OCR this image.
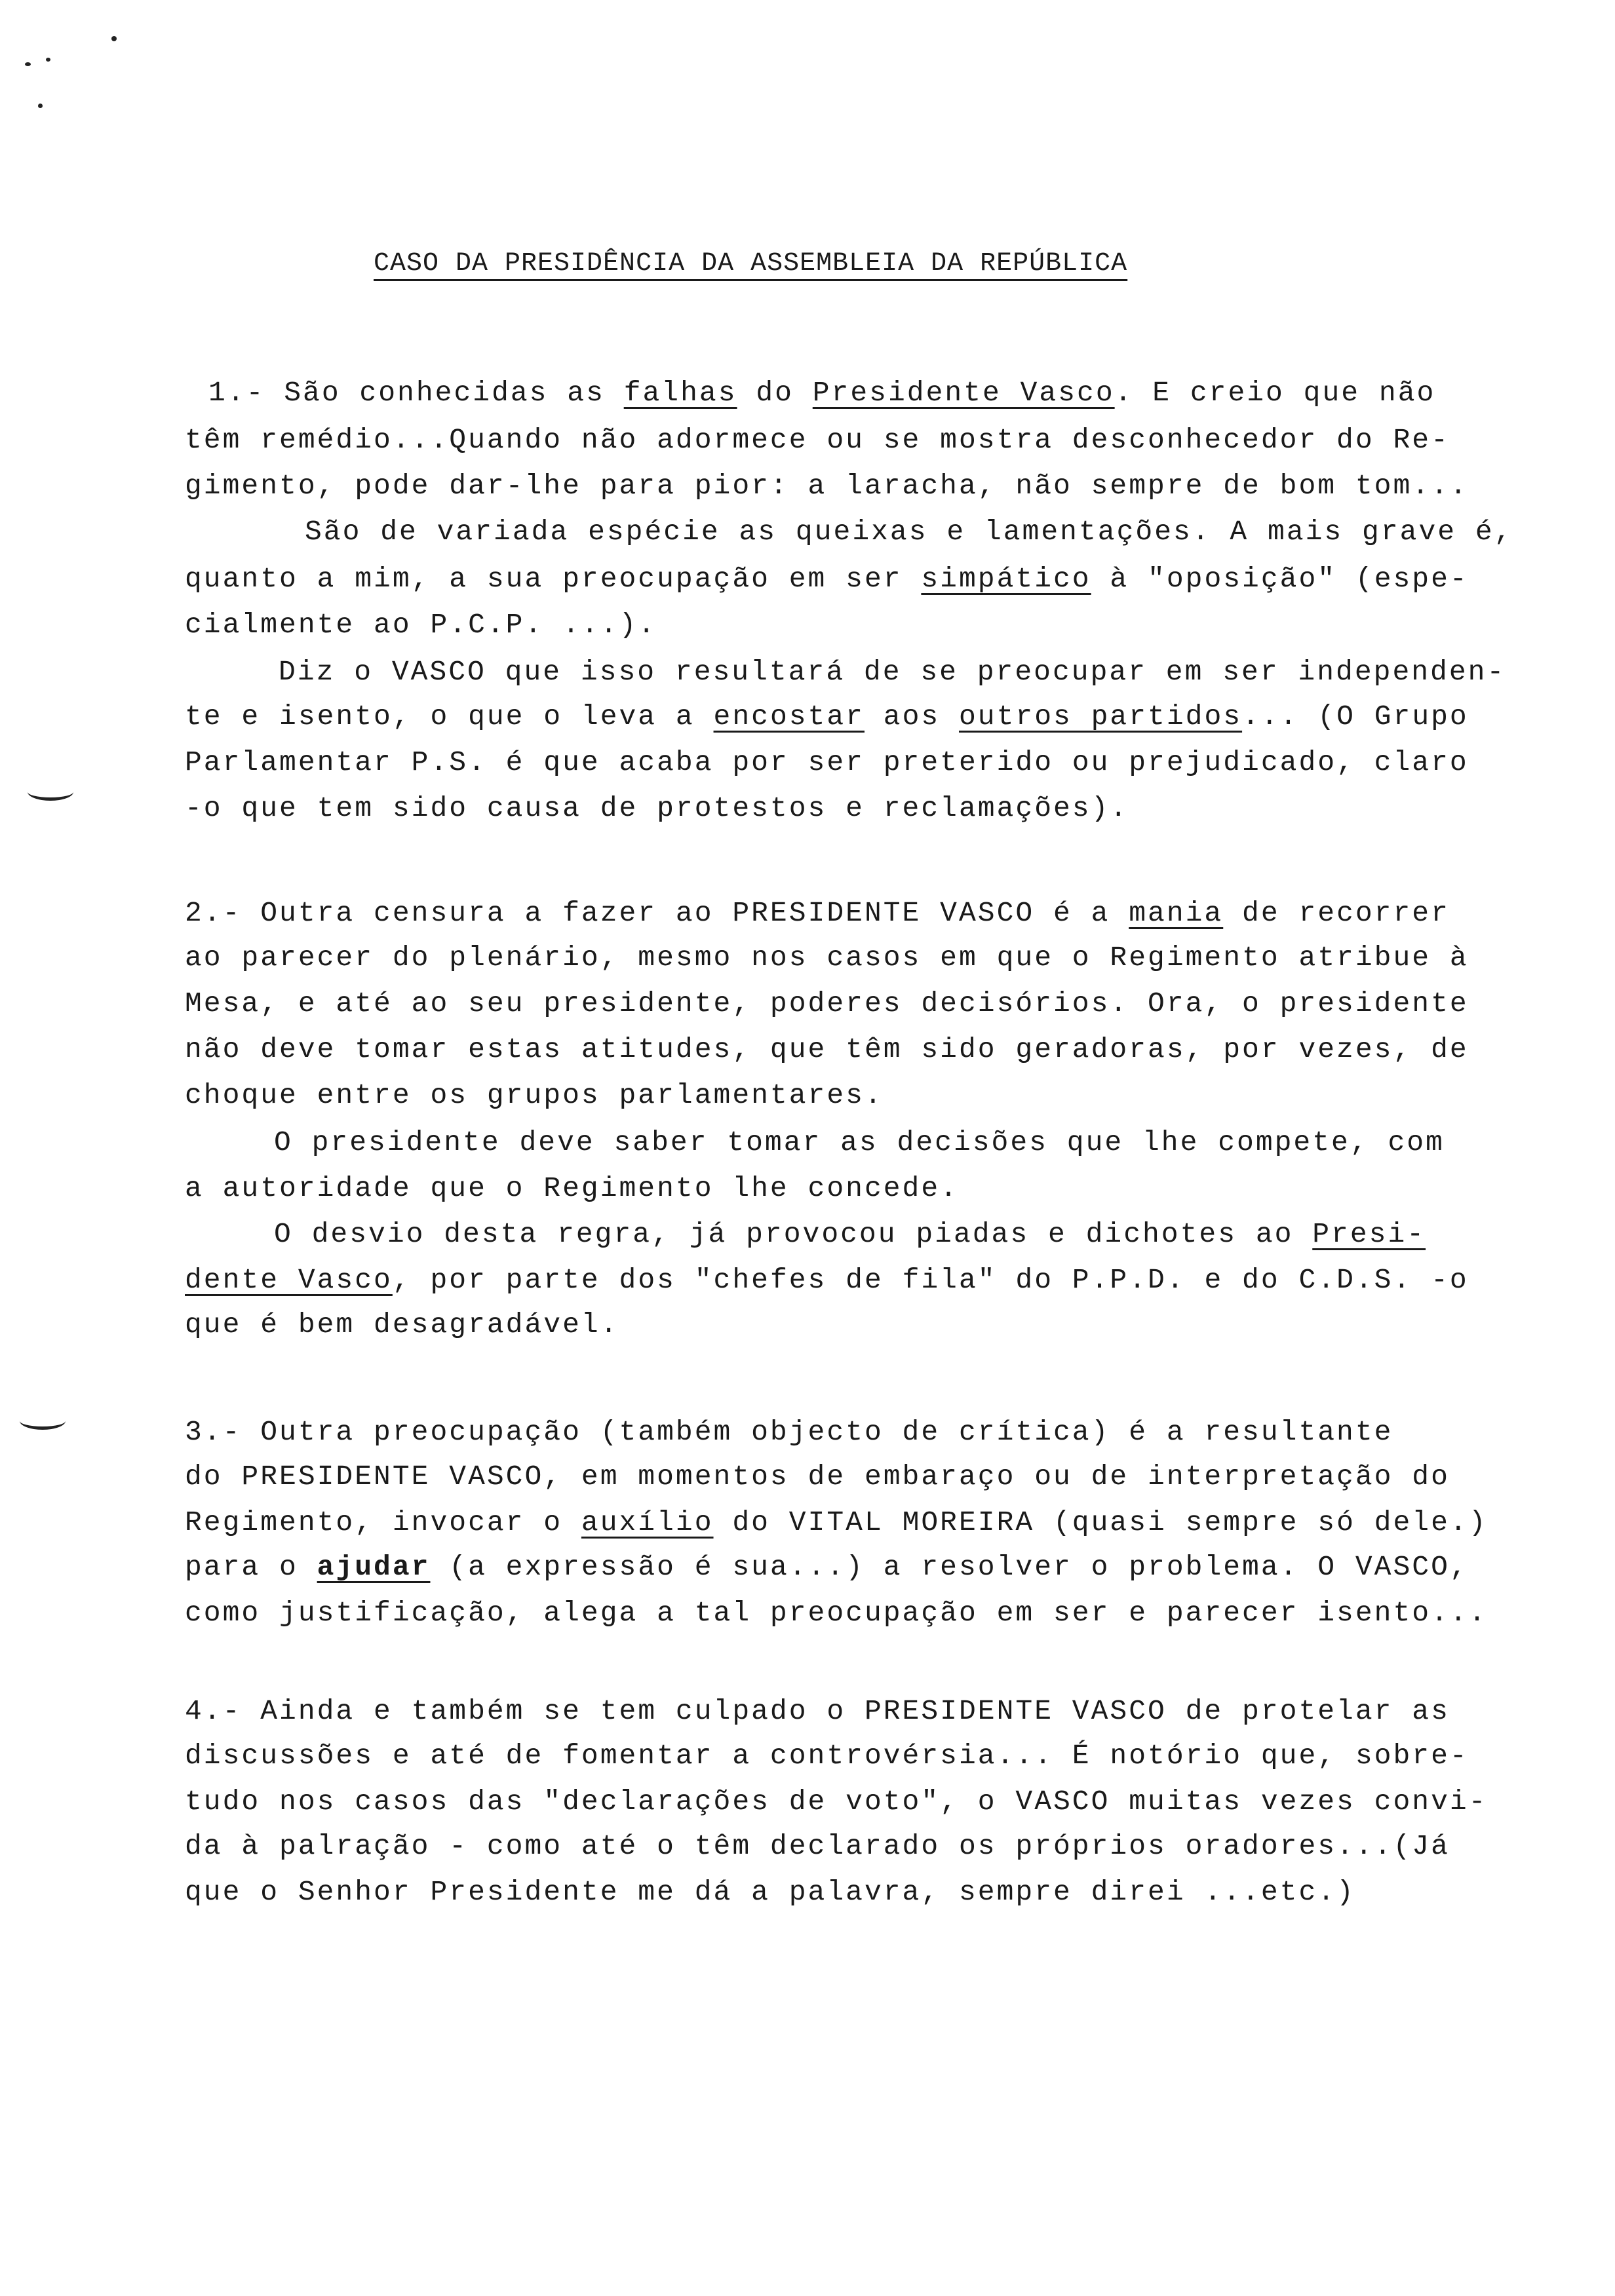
CASO DA PRESIDÊNCIA DA ASSEMBLEIA DA REPÚBLICA
1.- São conhecidas as falhas do Presidente Vasco. E creio que não
têm remédio...Quando não adormece ou se mostra desconhecedor do Re-
gimento, pode dar-lhe para pior: a laracha, não sempre de bom tom...
São de variada espécie as queixas e lamentações. A mais grave é,
quanto a mim, a sua preocupação em ser simpático à "oposição" (espe-
cialmente ao P.C.P. ...).
Diz o VASCO que isso resultará de se preocupar em ser independen-
te e isento, o que o leva a encostar aos outros partidos... (O Grupo
Parlamentar P.S. é que acaba por ser preterido ou prejudicado, claro
-o que tem sido causa de protestos e reclamações).
2.- Outra censura a fazer ao PRESIDENTE VASCO é a mania de recorrer
ao parecer do plenário, mesmo nos casos em que o Regimento atribue à
Mesa, e até ao seu presidente, poderes decisórios. Ora, o presidente
não deve tomar estas atitudes, que têm sido geradoras, por vezes, de
choque entre os grupos parlamentares.
O presidente deve saber tomar as decisões que lhe compete, com
a autoridade que o Regimento lhe concede.
O desvio desta regra, já provocou piadas e dichotes ao Presi-
dente Vasco, por parte dos "chefes de fila" do P.P.D. e do C.D.S. -o
que é bem desagradável.
3.- Outra preocupação (também objecto de crítica) é a resultante
do PRESIDENTE VASCO, em momentos de embaraço ou de interpretação do
Regimento, invocar o auxílio do VITAL MOREIRA (quasi sempre só dele.)
para o ajudar (a expressão é sua...) a resolver o problema. O VASCO,
como justificação, alega a tal preocupação em ser e parecer isento...
4.- Ainda e também se tem culpado o PRESIDENTE VASCO de protelar as
discussões e até de fomentar a controvérsia... É notório que, sobre-
tudo nos casos das "declarações de voto", o VASCO muitas vezes convi-
da à palração - como até o têm declarado os próprios oradores...(Já
que o Senhor Presidente me dá a palavra, sempre direi ...etc.)
